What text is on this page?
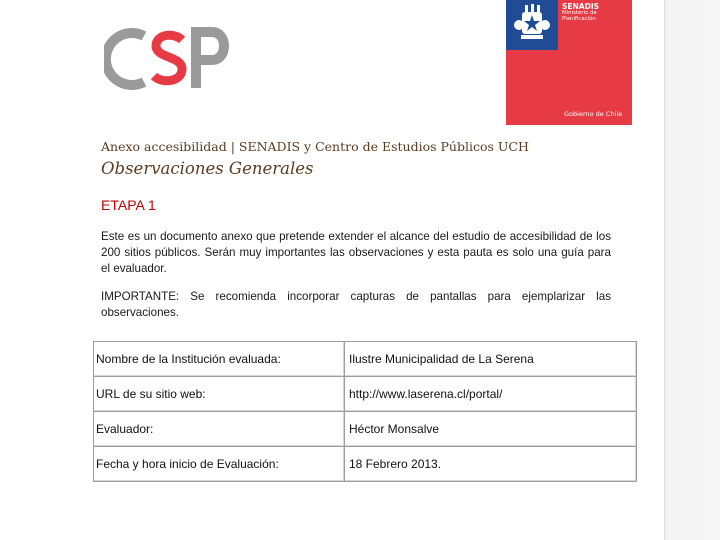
SENADIS
Ministerio de
Planificación
Gobierno de Chile
Anexo accesibilidad | SENADIS y Centro de Estudios Públicos UCH
Observaciones Generales
ETAPA 1
Este es un documento anexo que pretende extender el alcance del estudio de accesibilidad de los 200 sitios públicos. Serán muy importantes las observaciones y esta pauta es solo una guía para el evaluador.
IMPORTANTE: Se recomienda incorporar capturas de pantallas para ejemplarizar las observaciones.
Nombre de la Institución evaluada:	Ilustre Municipalidad de La Serena
URL de su sitio web:	http://www.laserena.cl/portal/
Evaluador:	Héctor Monsalve
Fecha y hora inicio de Evaluación:	18 Febrero 2013.
